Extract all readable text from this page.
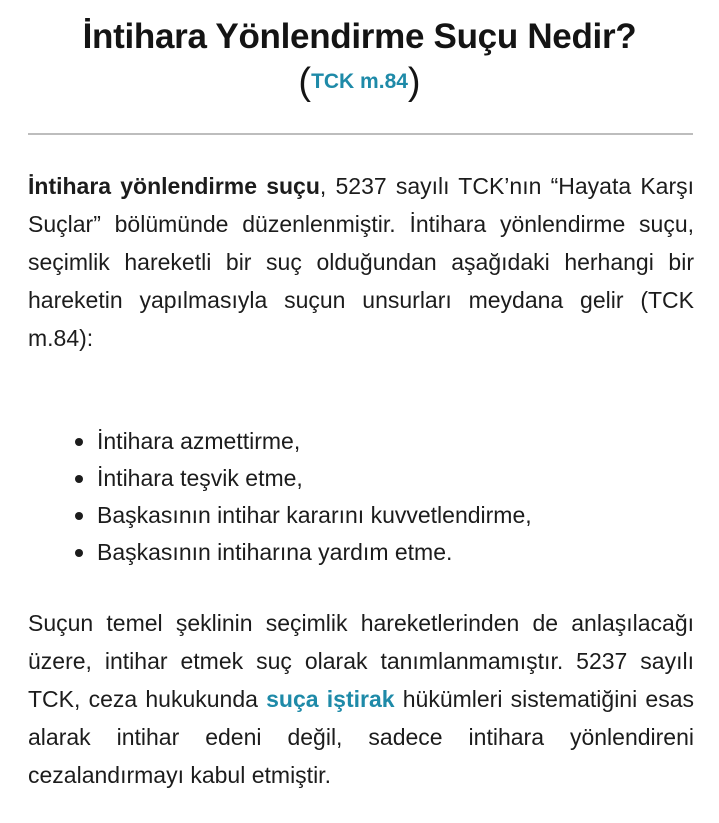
İntihara Yönlendirme Suçu Nedir?
(TCK m.84)

İntihara yönlendirme suçu, 5237 sayılı TCK’nın “Hayata Karşı Suçlar” bölümünde düzenlenmiştir. İntihara yönlendirme suçu, seçimlik hareketli bir suç olduğundan aşağıdaki herhangi bir hareketin yapılmasıyla suçun unsurları meydana gelir (TCK m.84):

İntihara azmettirme,
İntihara teşvik etme,
Başkasının intihar kararını kuvvetlendirme,
Başkasının intiharına yardım etme.

Suçun temel şeklinin seçimlik hareketlerinden de anlaşılacağı üzere, intihar etmek suç olarak tanımlanmamıştır. 5237 sayılı TCK, ceza hukukunda suça iştirak hükümleri sistematiğini esas alarak intihar edeni değil, sadece intihara yönlendireni cezalandırmayı kabul etmiştir.
